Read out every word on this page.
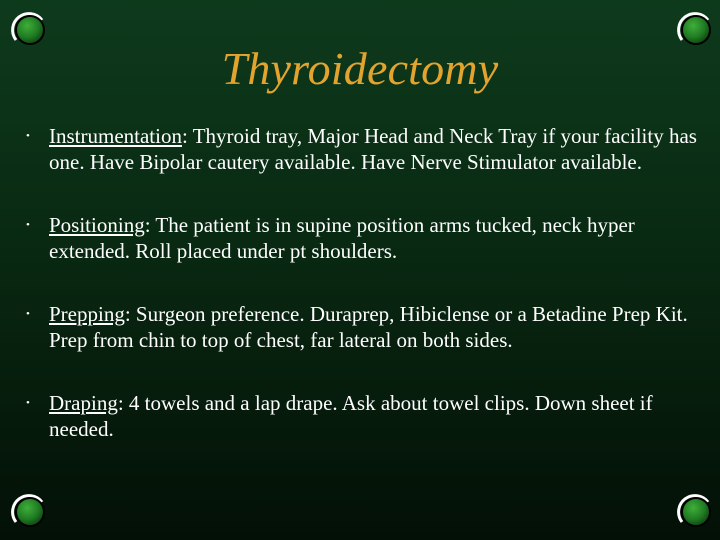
Thyroidectomy
• Instrumentation: Thyroid tray, Major Head and Neck Tray if your facility has one. Have Bipolar cautery available. Have Nerve Stimulator available.
• Positioning: The patient is in supine position arms tucked, neck hyper extended. Roll placed under pt shoulders.
• Prepping: Surgeon preference. Duraprep, Hibiclense or a Betadine Prep Kit. Prep from chin to top of chest, far lateral on both sides.
• Draping: 4 towels and a lap drape. Ask about towel clips. Down sheet if needed.
